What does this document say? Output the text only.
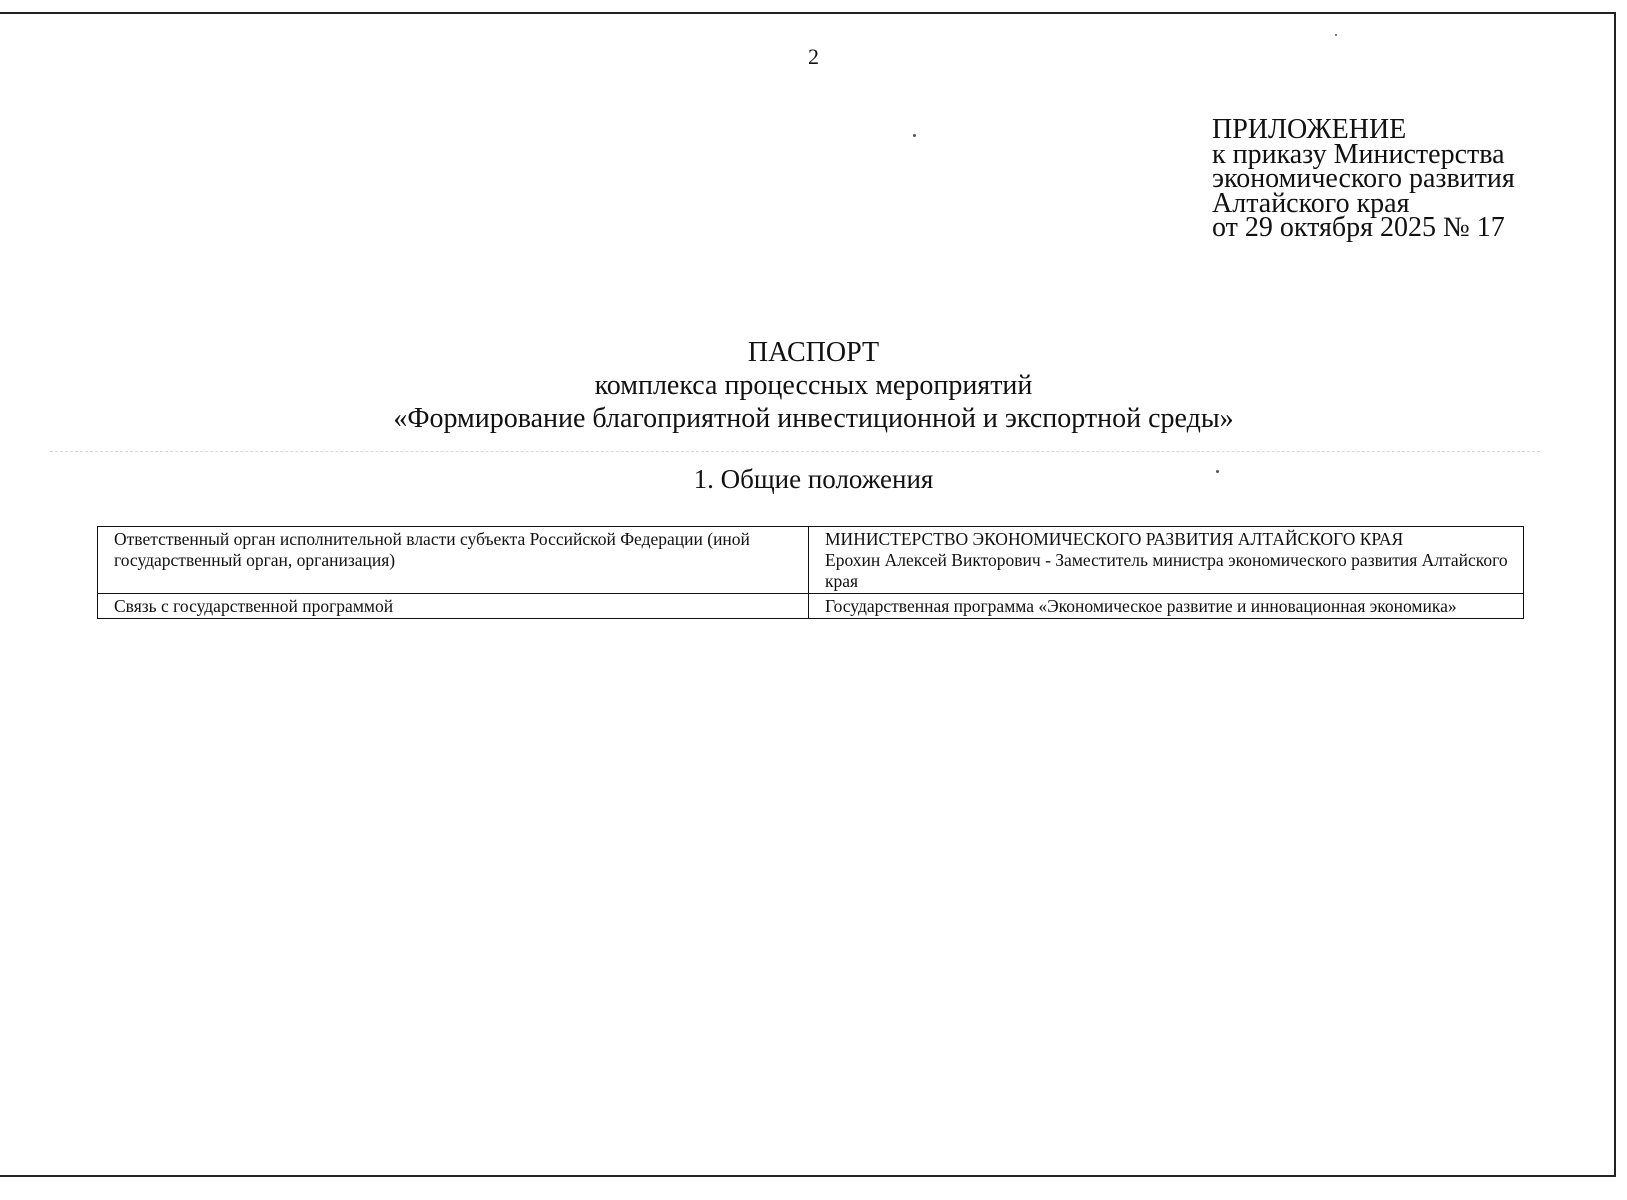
2
ПРИЛОЖЕНИЕ
к приказу Министерства
экономического развития
Алтайского края
от 29 октября 2025 № 17
ПАСПОРТ
комплекса процессных мероприятий
«Формирование благоприятной инвестиционной и экспортной среды»
1. Общие положения
Ответственный орган исполнительной власти субъекта Российской Федерации (иной государственный орган, организация)	МИНИСТЕРСТВО ЭКОНОМИЧЕСКОГО РАЗВИТИЯ АЛТАЙСКОГО КРАЯ
Ерохин Алексей Викторович - Заместитель министра экономического развития Алтайского края

Связь с государственной программой	Государственная программа «Экономическое развитие и инновационная экономика»
